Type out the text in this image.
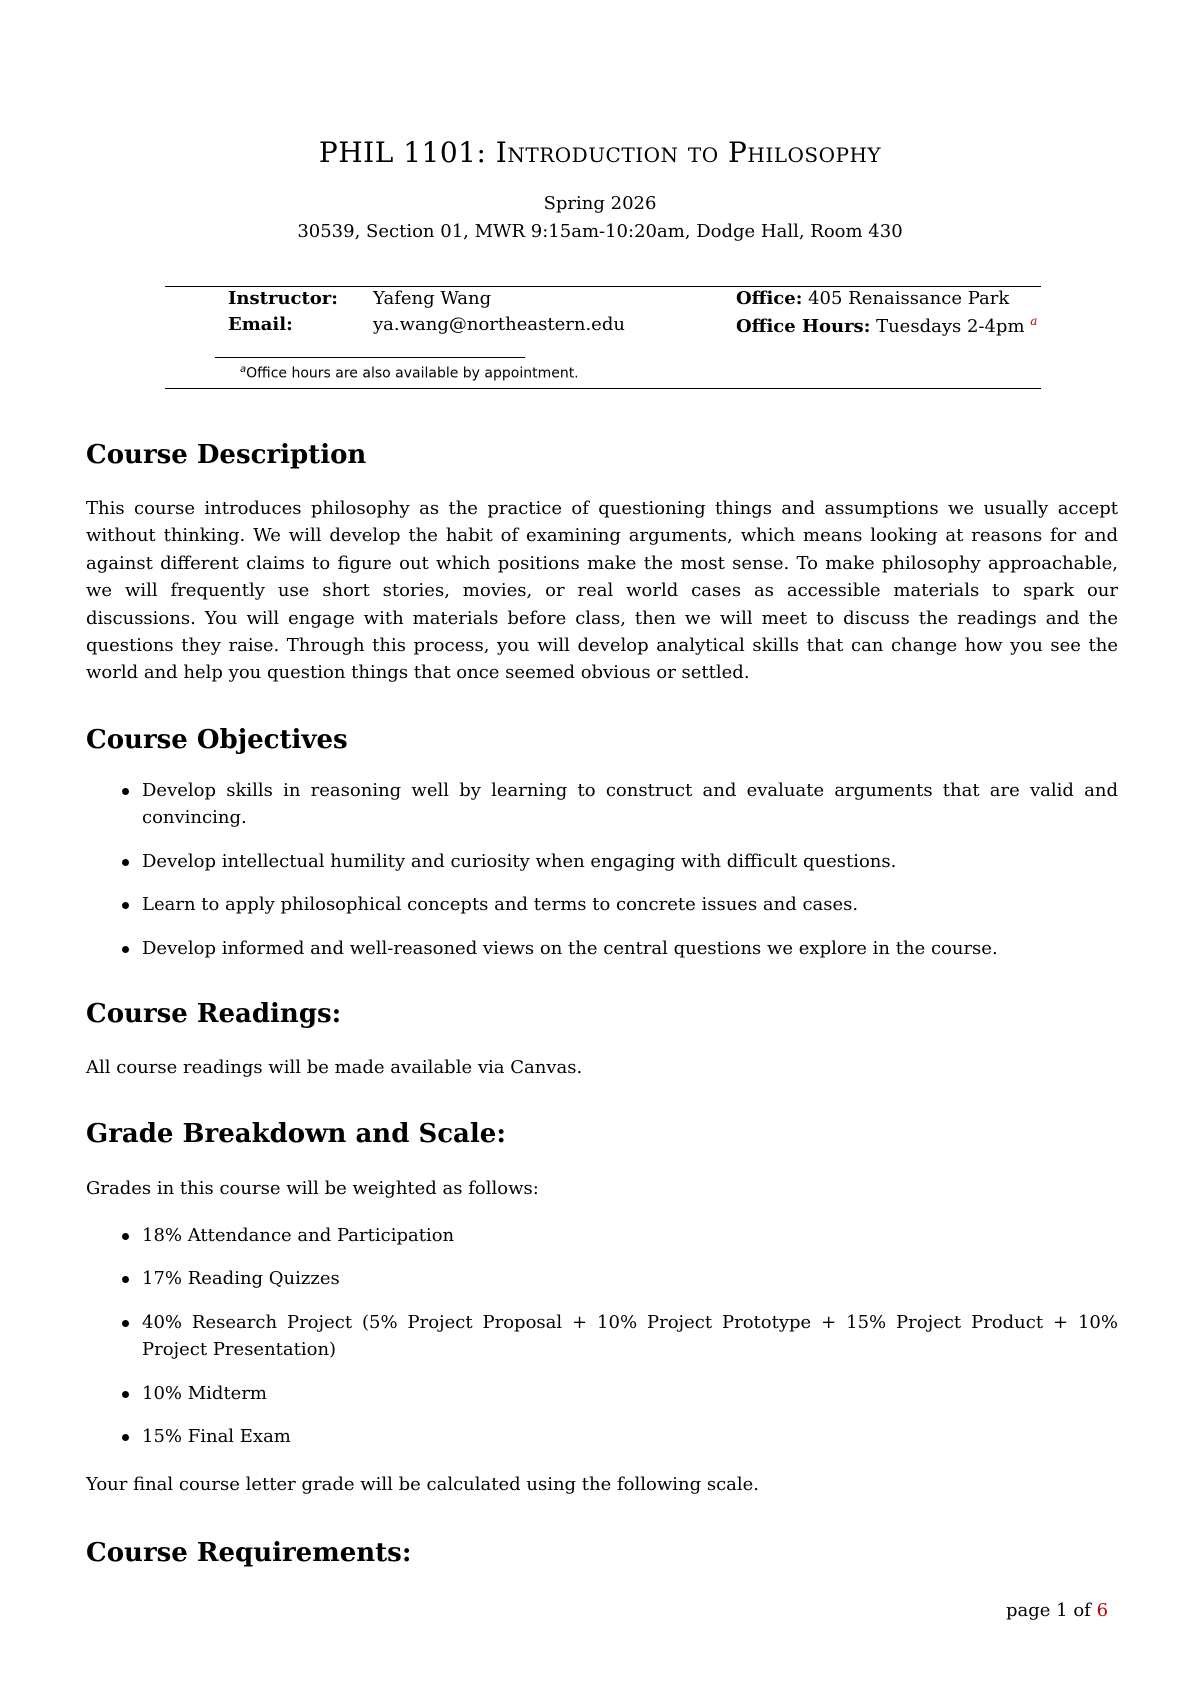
PHIL 1101: Introduction to Philosophy
Spring 2026
30539, Section 01, MWR 9:15am-10:20am, Dodge Hall, Room 430
Instructor: Yafeng Wang
Email:	ya.wang@northeastern.edu
Office: 405 Renaissance Park
Office Hours: Tuesdays 2-4pm $^a$
$^a$Office hours are also available by appointment.
Course Description
This course introduces philosophy as the practice of questioning things and assumptions we usually accept without thinking. We will develop the habit of examining arguments, which means looking at reasons for and against different claims to figure out which positions make the most sense. To make philosophy approachable, we will frequently use short stories, movies, or real world cases as accessible materials to spark our discussions. You will engage with materials before class, then we will meet to discuss the readings and the questions they raise. Through this process, you will develop analytical skills that can change how you see the world and help you question things that once seemed obvious or settled.
Course Objectives
Develop skills in reasoning well by learning to construct and evaluate arguments that are valid and convincing.
Develop intellectual humility and curiosity when engaging with difficult questions.
Learn to apply philosophical concepts and terms to concrete issues and cases.
Develop informed and well-reasoned views on the central questions we explore in the course.
Course Readings:
All course readings will be made available via Canvas.
Grade Breakdown and Scale:
Grades in this course will be weighted as follows:
18% Attendance and Participation
17% Reading Quizzes
40% Research Project (5% Project Proposal + 10% Project Prototype + 15% Project Product + 10% Project Presentation)
10% Midterm
15% Final Exam
Your final course letter grade will be calculated using the following scale.
Course Requirements:
page 1 of 6
